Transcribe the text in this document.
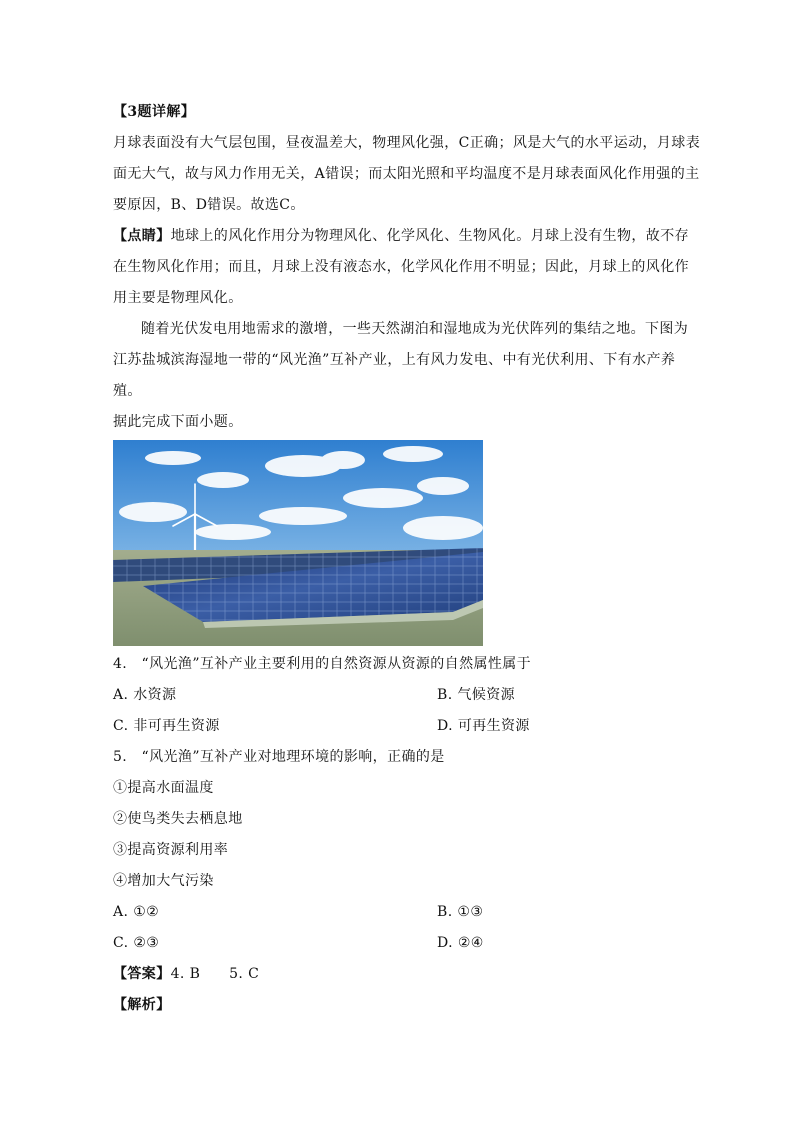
【3题详解】
月球表面没有大气层包围，昼夜温差大，物理风化强，C正确；风是大气的水平运动，月球表
面无大气，故与风力作用无关，A错误；而太阳光照和平均温度不是月球表面风化作用强的主
要原因，B、D错误。故选C。
【点睛】地球上的风化作用分为物理风化、化学风化、生物风化。月球上没有生物，故不存
在生物风化作用；而且，月球上没有液态水，化学风化作用不明显；因此，月球上的风化作
用主要是物理风化。
随着光伏发电用地需求的激增，一些天然湖泊和湿地成为光伏阵列的集结之地。下图为
江苏盐城滨海湿地一带的“风光渔”互补产业，上有风力发电、中有光伏利用、下有水产养
殖。
据此完成下面小题。
4.　“风光渔”互补产业主要利用的自然资源从资源的自然属性属于
A. 水资源	B. 气候资源
C. 非可再生资源	D. 可再生资源
5.　“风光渔”互补产业对地理环境的影响，正确的是
①提高水面温度
②使鸟类失去栖息地
③提高资源利用率
④增加大气污染
A. ①②	B. ①③
C. ②③	D. ②④
【答案】4. B　　5. C
【解析】
